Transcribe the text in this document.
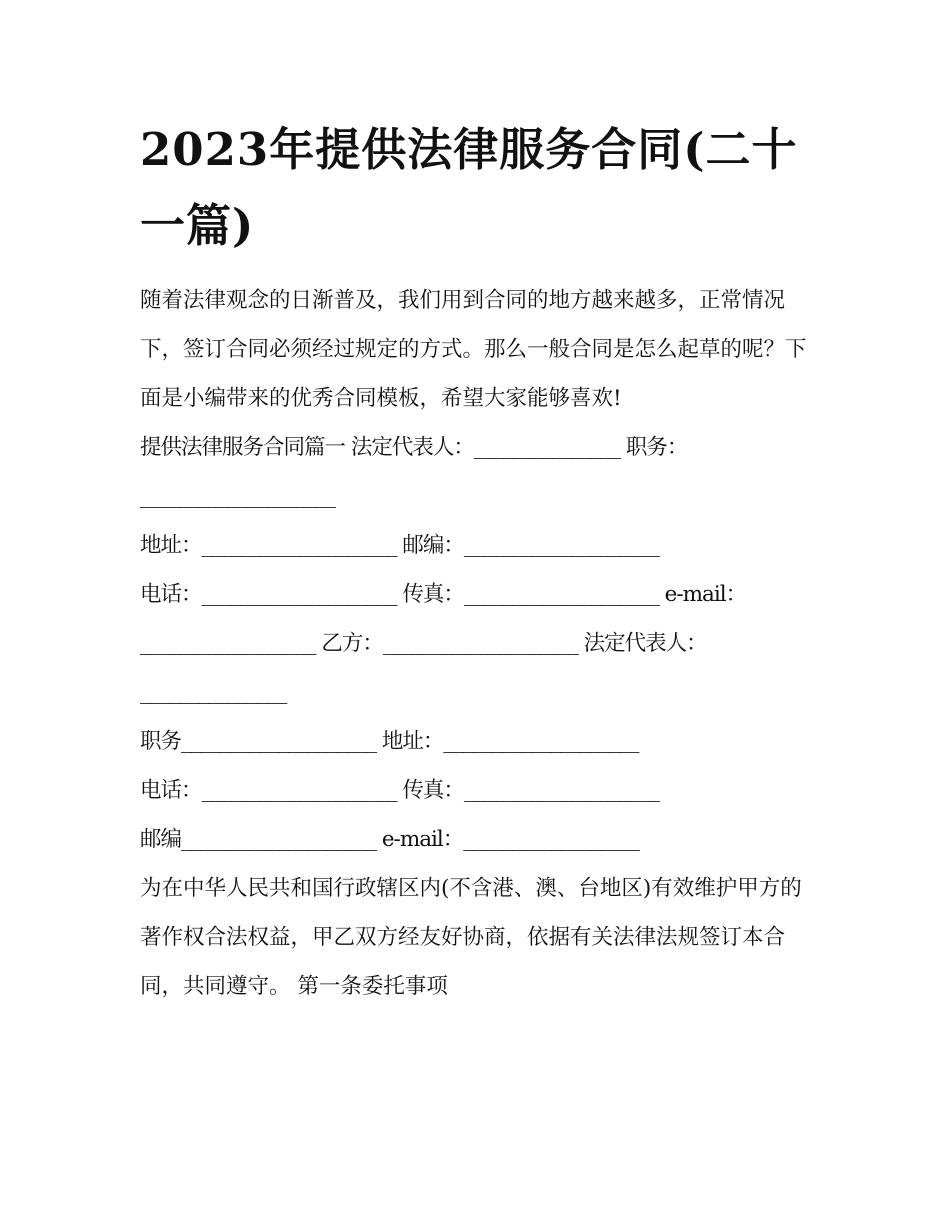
2023年提供法律服务合同(二十一篇)

随着法律观念的日渐普及，我们用到合同的地方越来越多，正常情况下，签订合同必须经过规定的方式。那么一般合同是怎么起草的呢？下面是小编带来的优秀合同模板，希望大家能够喜欢!

提供法律服务合同篇一 法定代表人：_______________ 职务：____________________

地址：____________________ 邮编：____________________

电话：____________________ 传真：____________________ e-mail：

__________________ 乙方：____________________ 法定代表人：_______________

职务____________________ 地址：____________________

电话：____________________ 传真：____________________

邮编____________________ e-mail：__________________

为在中华人民共和国行政辖区内(不含港、澳、台地区)有效维护甲方的著作权合法权益，甲乙双方经友好协商，依据有关法律法规签订本合同，共同遵守。 第一条委托事项
